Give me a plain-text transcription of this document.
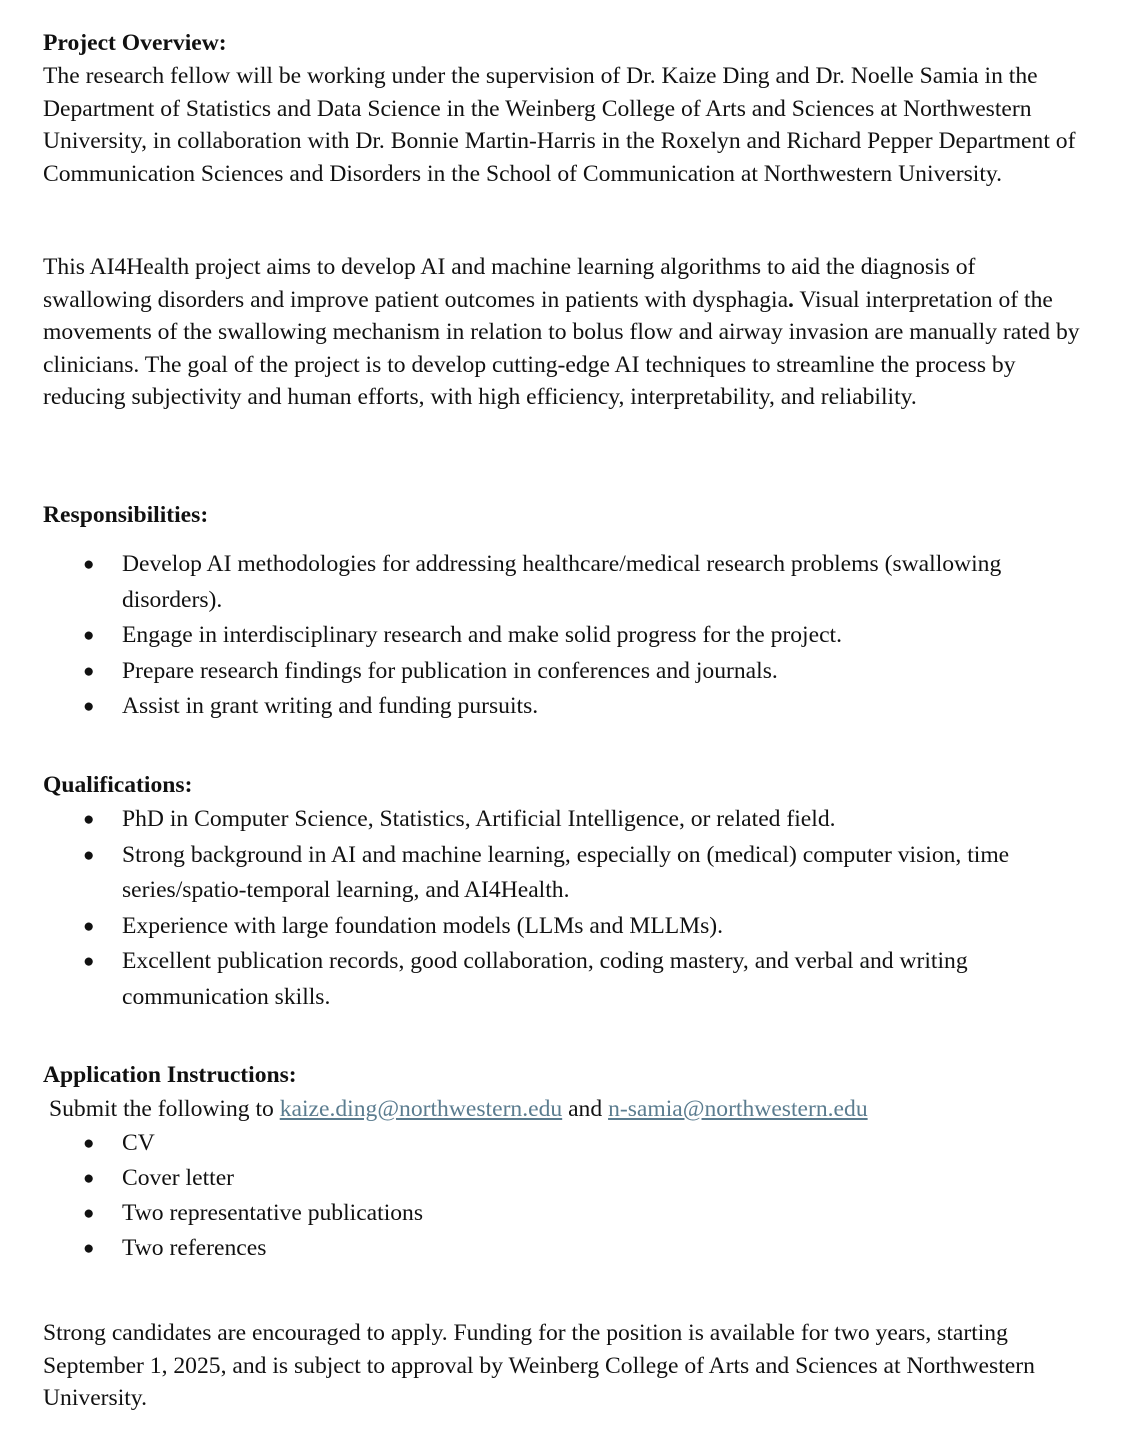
Project Overview:

The research fellow will be working under the supervision of Dr. Kaize Ding and Dr. Noelle Samia in the Department of Statistics and Data Science in the Weinberg College of Arts and Sciences at Northwestern University, in collaboration with Dr. Bonnie Martin-Harris in the Roxelyn and Richard Pepper Department of Communication Sciences and Disorders in the School of Communication at Northwestern University.

This AI4Health project aims to develop AI and machine learning algorithms to aid the diagnosis of swallowing disorders and improve patient outcomes in patients with dysphagia. Visual interpretation of the movements of the swallowing mechanism in relation to bolus flow and airway invasion are manually rated by clinicians. The goal of the project is to develop cutting-edge AI techniques to streamline the process by reducing subjectivity and human efforts, with high efficiency, interpretability, and reliability.

Responsibilities:

● Develop AI methodologies for addressing healthcare/medical research problems (swallowing disorders).
● Engage in interdisciplinary research and make solid progress for the project.
● Prepare research findings for publication in conferences and journals.
● Assist in grant writing and funding pursuits.

Qualifications:

● PhD in Computer Science, Statistics, Artificial Intelligence, or related field.
● Strong background in AI and machine learning, especially on (medical) computer vision, time series/spatio-temporal learning, and AI4Health.
● Experience with large foundation models (LLMs and MLLMs).
● Excellent publication records, good collaboration, coding mastery, and verbal and writing communication skills.

Application Instructions:

Submit the following to kaize.ding@northwestern.edu and n-samia@northwestern.edu

● CV
● Cover letter
● Two representative publications
● Two references

Strong candidates are encouraged to apply. Funding for the position is available for two years, starting September 1, 2025, and is subject to approval by Weinberg College of Arts and Sciences at Northwestern University.
